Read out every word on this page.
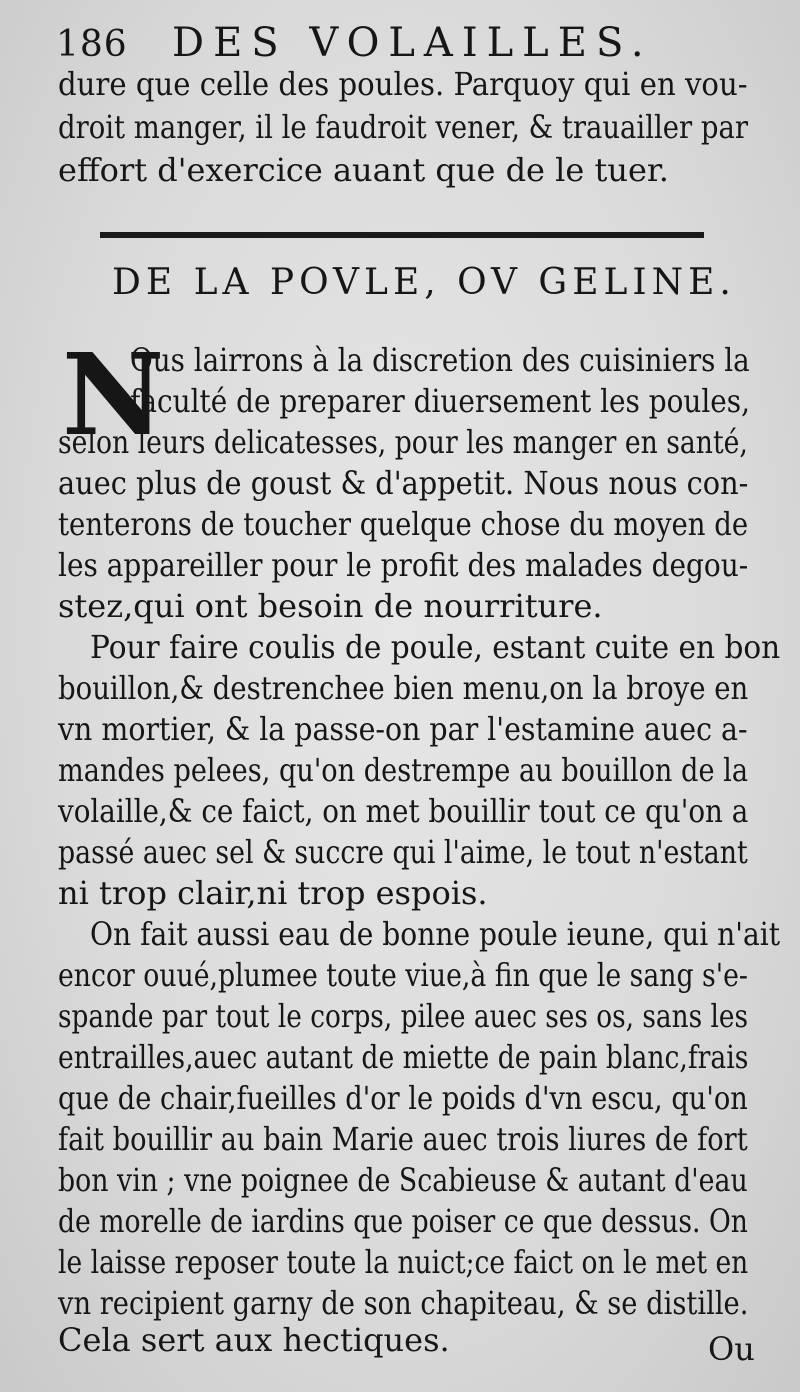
186 DES VOLAILLES.
dure que celle des poules. Parquoy qui en vou-
droit manger, il le faudroit vener, & trauailler par
effort d'exercice auant que de le tuer.
DE LA POVLE, OV GELINE.
N
Ous lairrons à la discretion des cuisiniers la
faculté de preparer diuersement les poules,
selon leurs delicatesses, pour les manger en santé,
auec plus de goust & d'appetit. Nous nous con-
tenterons de toucher quelque chose du moyen de
les appareiller pour le profit des malades degou-
stez,qui ont besoin de nourriture.
Pour faire coulis de poule, estant cuite en bon
bouillon,& destrenchee bien menu,on la broye en
vn mortier, & la passe-on par l'estamine auec a-
mandes pelees, qu'on destrempe au bouillon de la
volaille,& ce faict, on met bouillir tout ce qu'on a
passé auec sel & succre qui l'aime, le tout n'estant
ni trop clair,ni trop espois.
On fait aussi eau de bonne poule ieune, qui n'ait
encor ouué,plumee toute viue,à fin que le sang s'e-
spande par tout le corps, pilee auec ses os, sans les
entrailles,auec autant de miette de pain blanc,frais
que de chair,fueilles d'or le poids d'vn escu, qu'on
fait bouillir au bain Marie auec trois liures de fort
bon vin ; vne poignee de Scabieuse & autant d'eau
de morelle de iardins que poiser ce que dessus. On
le laisse reposer toute la nuict;ce faict on le met en
vn recipient garny de son chapiteau, & se distille.
Cela sert aux hectiques.	Ou
